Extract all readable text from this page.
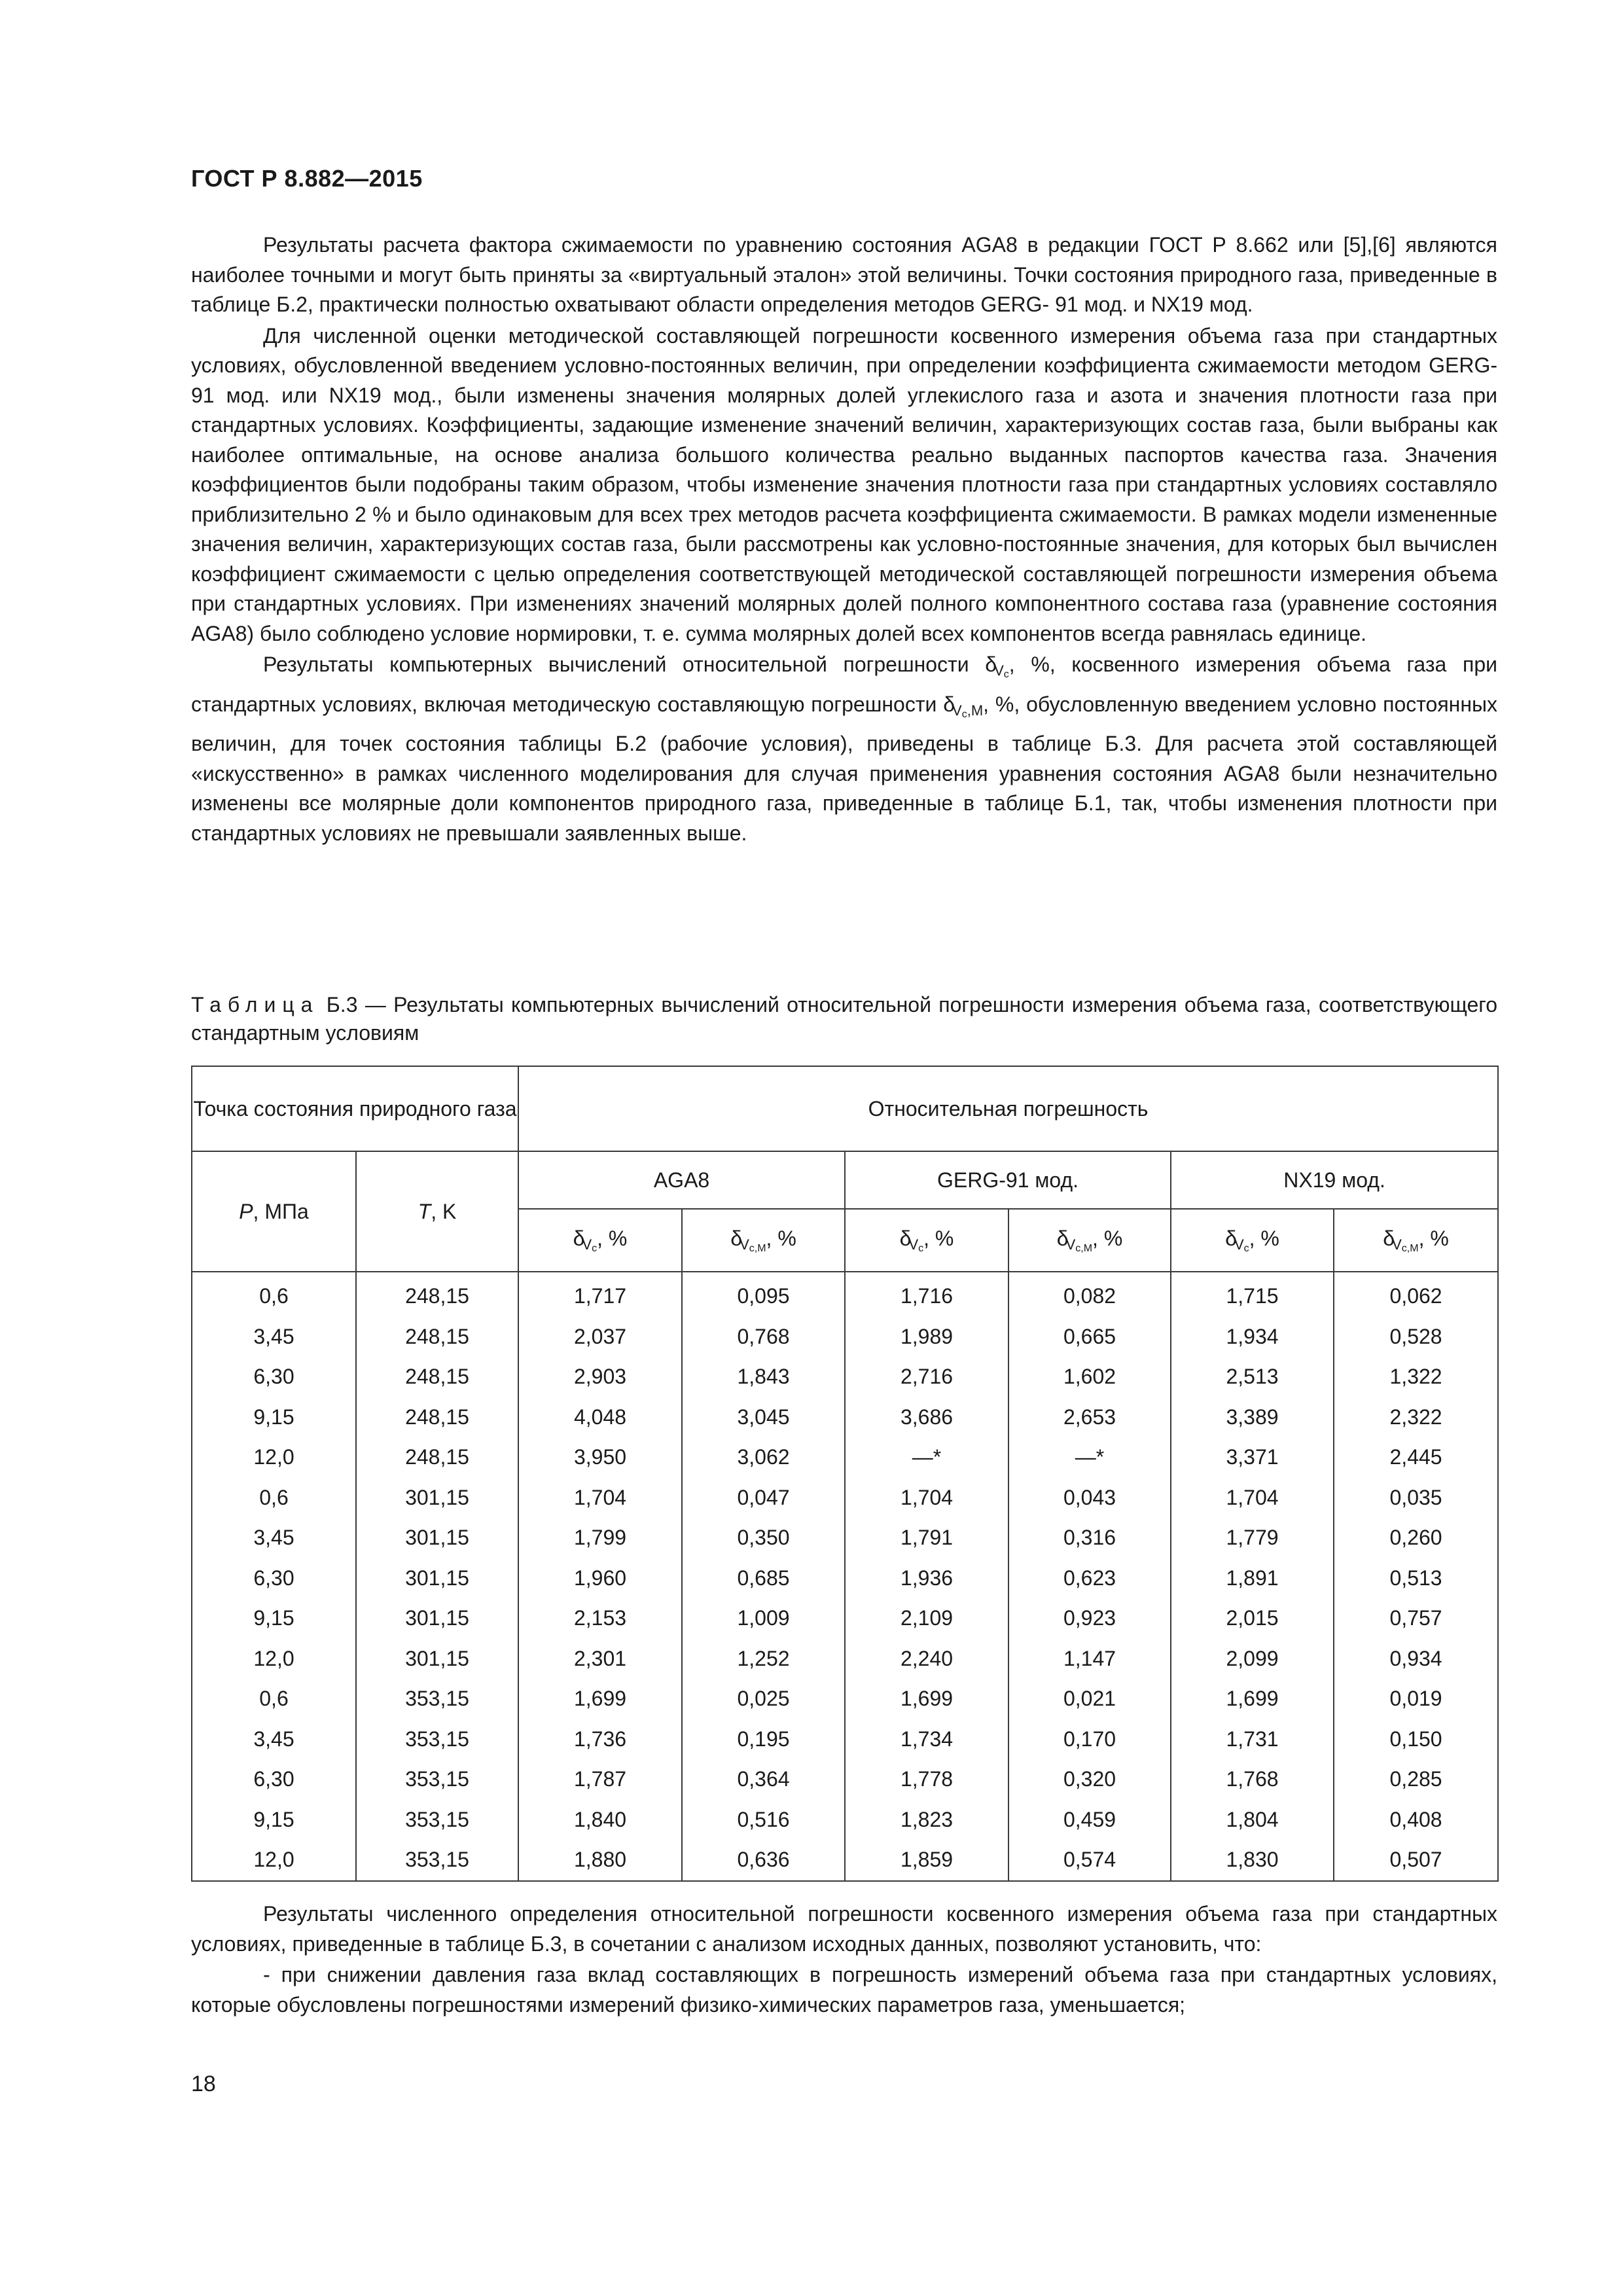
ГОСТ Р 8.882—2015

Результаты расчета фактора сжимаемости по уравнению состояния AGA8 в редакции ГОСТ Р 8.662 или [5],[6] являются наиболее точными и могут быть приняты за «виртуальный эталон» этой величины. Точки состояния природного газа, приведенные в таблице Б.2, практически полностью охватывают области определения методов GERG- 91 мод. и NX19 мод.

Для численной оценки методической составляющей погрешности косвенного измерения объема газа при стандартных условиях, обусловленной введением условно-постоянных величин, при определении коэффициента сжимаемости методом GERG-91 мод. или NX19 мод., были изменены значения молярных долей углекислого газа и азота и значения плотности газа при стандартных условиях. Коэффициенты, задающие изменение значений величин, характеризующих состав газа, были выбраны как наиболее оптимальные, на основе анализа большого количества реально выданных паспортов качества газа. Значения коэффициентов были подобраны таким образом, чтобы изменение значения плотности газа при стандартных условиях составляло приблизительно 2 % и было одинаковым для всех трех методов расчета коэффициента сжимаемости. В рамках модели измененные значения величин, характеризующих состав газа, были рассмотрены как условно-постоянные значения, для которых был вычислен коэффициент сжимаемости с целью определения соответствующей методической составляющей погрешности измерения объема при стандартных условиях. При изменениях значений молярных долей полного компонентного состава газа (уравнение состояния AGA8) было соблюдено условие нормировки, т. е. сумма молярных долей всех компонентов всегда равнялась единице.

Результаты компьютерных вычислений относительной погрешности $\delta_{Vc}$, %, косвенного измерения объема газа при стандартных условиях, включая методическую составляющую погрешности $\delta_{Vc,М}$, %, обусловленную введением условно постоянных величин, для точек состояния таблицы Б.2 (рабочие условия), приведены в таблице Б.3. Для расчета этой составляющей «искусственно» в рамках численного моделирования для случая применения уравнения состояния AGA8 были незначительно изменены все молярные доли компонентов природного газа, приведенные в таблице Б.1, так, чтобы изменения плотности при стандартных условиях не превышали заявленных выше.

Таблица Б.3 — Результаты компьютерных вычислений относительной погрешности измерения объема газа, соответствующего стандартным условиям
Точка состояния природного газа		Относительная погрешность					
P, МПа	T, K	AGA8		GERG-91 мод.		NX19 мод.	
		$\delta_{Vc}$, %	$\delta_{Vc,М}$, %	$\delta_{Vc}$, %	$\delta_{Vc,М}$, %	$\delta_{Vc}$, %	$\delta_{Vc,М}$, %
0,6	248,15	1,717	0,095	1,716	0,082	1,715	0,062
3,45	248,15	2,037	0,768	1,989	0,665	1,934	0,528
6,30	248,15	2,903	1,843	2,716	1,602	2,513	1,322
9,15	248,15	4,048	3,045	3,686	2,653	3,389	2,322
12,0	248,15	3,950	3,062	—*	—*	3,371	2,445
0,6	301,15	1,704	0,047	1,704	0,043	1,704	0,035
3,45	301,15	1,799	0,350	1,791	0,316	1,779	0,260
6,30	301,15	1,960	0,685	1,936	0,623	1,891	0,513
9,15	301,15	2,153	1,009	2,109	0,923	2,015	0,757
12,0	301,15	2,301	1,252	2,240	1,147	2,099	0,934
0,6	353,15	1,699	0,025	1,699	0,021	1,699	0,019
3,45	353,15	1,736	0,195	1,734	0,170	1,731	0,150
6,30	353,15	1,787	0,364	1,778	0,320	1,768	0,285
9,15	353,15	1,840	0,516	1,823	0,459	1,804	0,408
12,0	353,15	1,880	0,636	1,859	0,574	1,830	0,507

Результаты численного определения относительной погрешности косвенного измерения объема газа при стандартных условиях, приведенные в таблице Б.3, в сочетании с анализом исходных данных, позволяют установить, что:

- при снижении давления газа вклад составляющих в погрешность измерений объема газа при стандартных условиях, которые обусловлены погрешностями измерений физико-химических параметров газа, уменьшается;

18
